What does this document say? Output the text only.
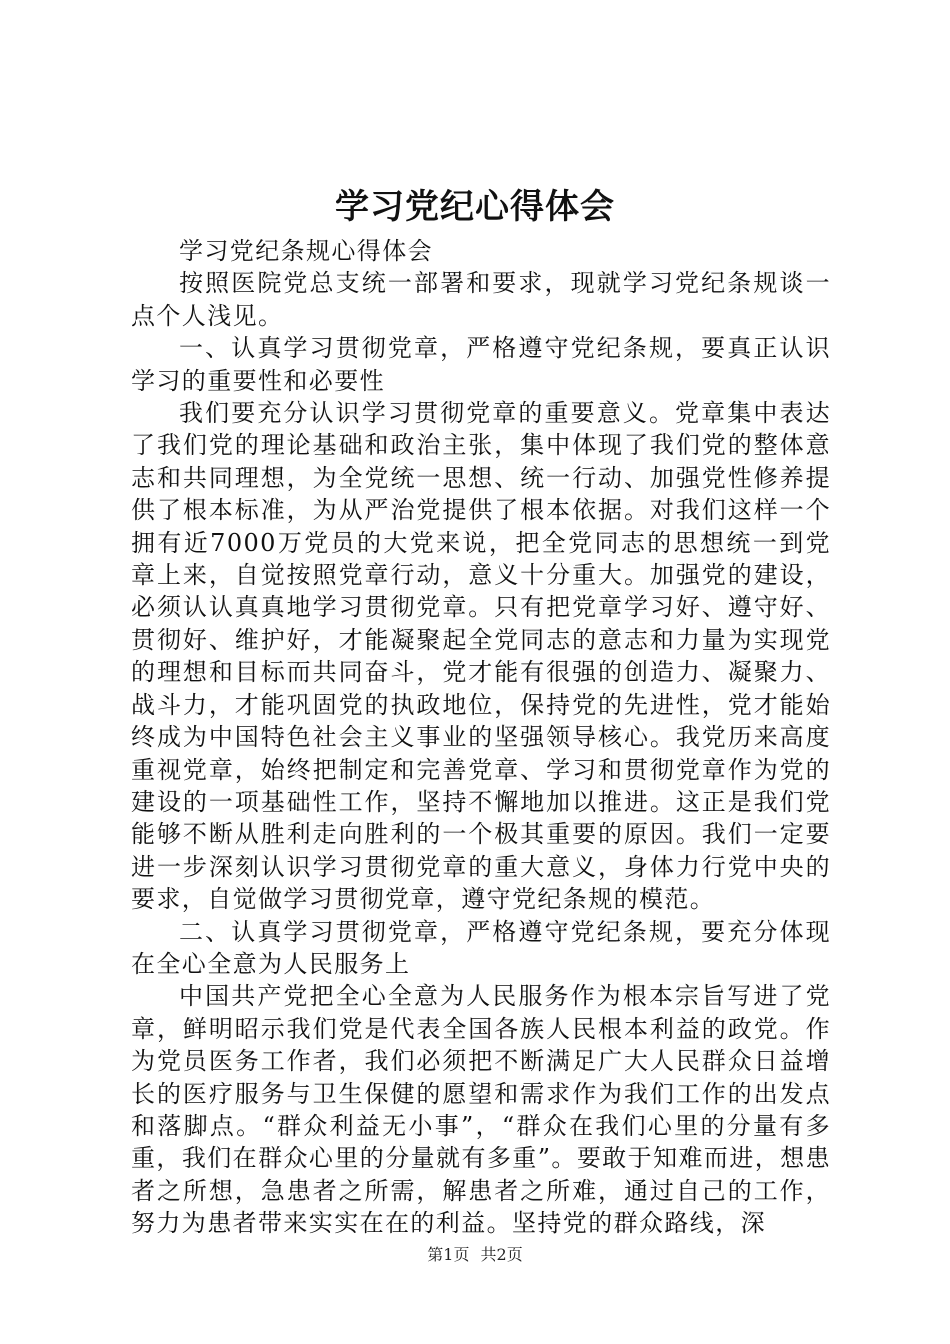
学习党纪心得体会

学习党纪条规心得体会

按照医院党总支统一部署和要求，现就学习党纪条规谈一点个人浅见。

一、认真学习贯彻党章，严格遵守党纪条规，要真正认识学习的重要性和必要性

我们要充分认识学习贯彻党章的重要意义。党章集中表达了我们党的理论基础和政治主张，集中体现了我们党的整体意志和共同理想，为全党统一思想、统一行动、加强党性修养提供了根本标准，为从严治党提供了根本依据。对我们这样一个拥有近7000万党员的大党来说，把全党同志的思想统一到党章上来，自觉按照党章行动，意义十分重大。加强党的建设，必须认认真真地学习贯彻党章。只有把党章学习好、遵守好、贯彻好、维护好，才能凝聚起全党同志的意志和力量为实现党的理想和目标而共同奋斗，党才能有很强的创造力、凝聚力、战斗力，才能巩固党的执政地位，保持党的先进性，党才能始终成为中国特色社会主义事业的坚强领导核心。我党历来高度重视党章，始终把制定和完善党章、学习和贯彻党章作为党的建设的一项基础性工作，坚持不懈地加以推进。这正是我们党能够不断从胜利走向胜利的一个极其重要的原因。我们一定要进一步深刻认识学习贯彻党章的重大意义，身体力行党中央的要求，自觉做学习贯彻党章，遵守党纪条规的模范。

二、认真学习贯彻党章，严格遵守党纪条规，要充分体现在全心全意为人民服务上

中国共产党把全心全意为人民服务作为根本宗旨写进了党章，鲜明昭示我们党是代表全国各族人民根本利益的政党。作为党员医务工作者，我们必须把不断满足广大人民群众日益增长的医疗服务与卫生保健的愿望和需求作为我们工作的出发点和落脚点。“群众利益无小事”，“群众在我们心里的分量有多重，我们在群众心里的分量就有多重”。要敢于知难而进，想患者之所想，急患者之所需，解患者之所难，通过自己的工作，努力为患者带来实实在在的利益。坚持党的群众路线，深

第1页 共2页
